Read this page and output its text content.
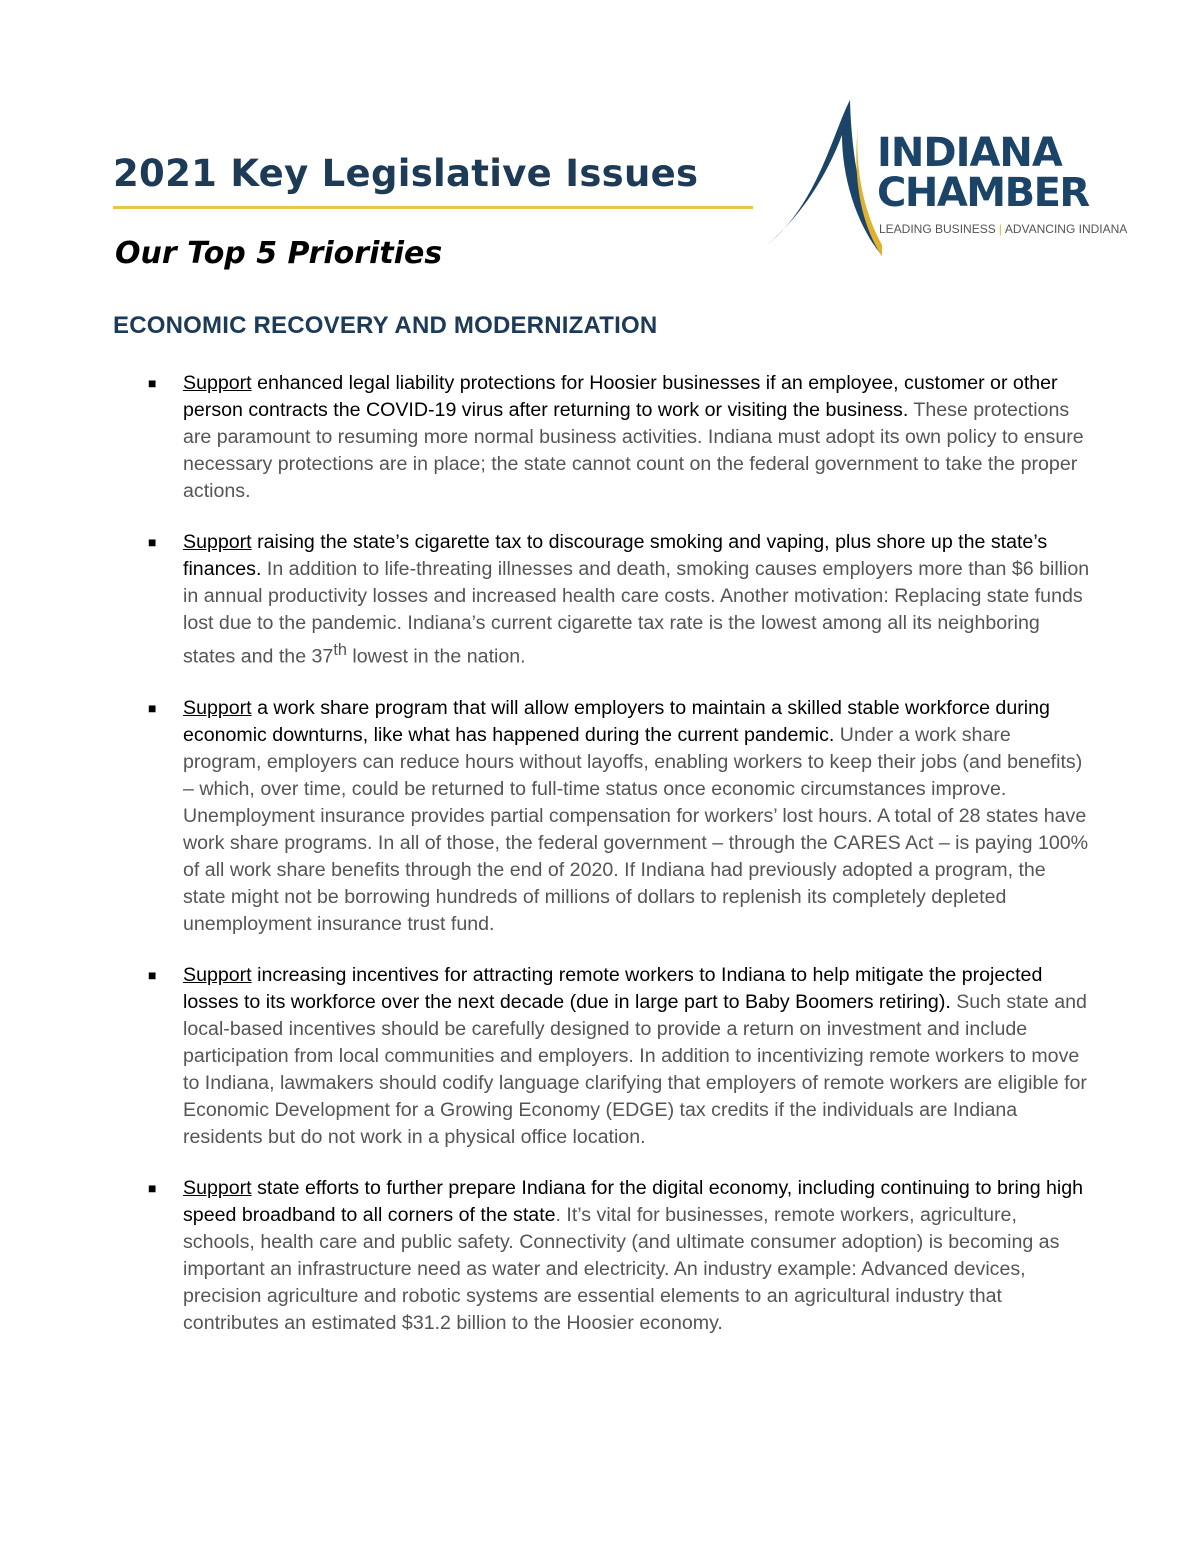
2021 Key Legislative Issues
Our Top 5 Priorities
INDIANA
CHAMBER
LEADING BUSINESS | ADVANCING INDIANA
ECONOMIC RECOVERY AND MODERNIZATION
■ Support enhanced legal liability protections for Hoosier businesses if an employee, customer or other person contracts the COVID-19 virus after returning to work or visiting the business. These protections are paramount to resuming more normal business activities. Indiana must adopt its own policy to ensure necessary protections are in place; the state cannot count on the federal government to take the proper actions.
■ Support raising the state’s cigarette tax to discourage smoking and vaping, plus shore up the state’s finances. In addition to life-threating illnesses and death, smoking causes employers more than $6 billion in annual productivity losses and increased health care costs. Another motivation: Replacing state funds lost due to the pandemic. Indiana’s current cigarette tax rate is the lowest among all its neighboring states and the 37th lowest in the nation.
■ Support a work share program that will allow employers to maintain a skilled stable workforce during economic downturns, like what has happened during the current pandemic. Under a work share program, employers can reduce hours without layoffs, enabling workers to keep their jobs (and benefits) – which, over time, could be returned to full-time status once economic circumstances improve. Unemployment insurance provides partial compensation for workers’ lost hours. A total of 28 states have work share programs. In all of those, the federal government – through the CARES Act – is paying 100% of all work share benefits through the end of 2020. If Indiana had previously adopted a program, the state might not be borrowing hundreds of millions of dollars to replenish its completely depleted unemployment insurance trust fund.
■ Support increasing incentives for attracting remote workers to Indiana to help mitigate the projected losses to its workforce over the next decade (due in large part to Baby Boomers retiring). Such state and local-based incentives should be carefully designed to provide a return on investment and include participation from local communities and employers. In addition to incentivizing remote workers to move to Indiana, lawmakers should codify language clarifying that employers of remote workers are eligible for Economic Development for a Growing Economy (EDGE) tax credits if the individuals are Indiana residents but do not work in a physical office location.
■ Support state efforts to further prepare Indiana for the digital economy, including continuing to bring high speed broadband to all corners of the state. It’s vital for businesses, remote workers, agriculture, schools, health care and public safety. Connectivity (and ultimate consumer adoption) is becoming as important an infrastructure need as water and electricity. An industry example: Advanced devices, precision agriculture and robotic systems are essential elements to an agricultural industry that contributes an estimated $31.2 billion to the Hoosier economy.
